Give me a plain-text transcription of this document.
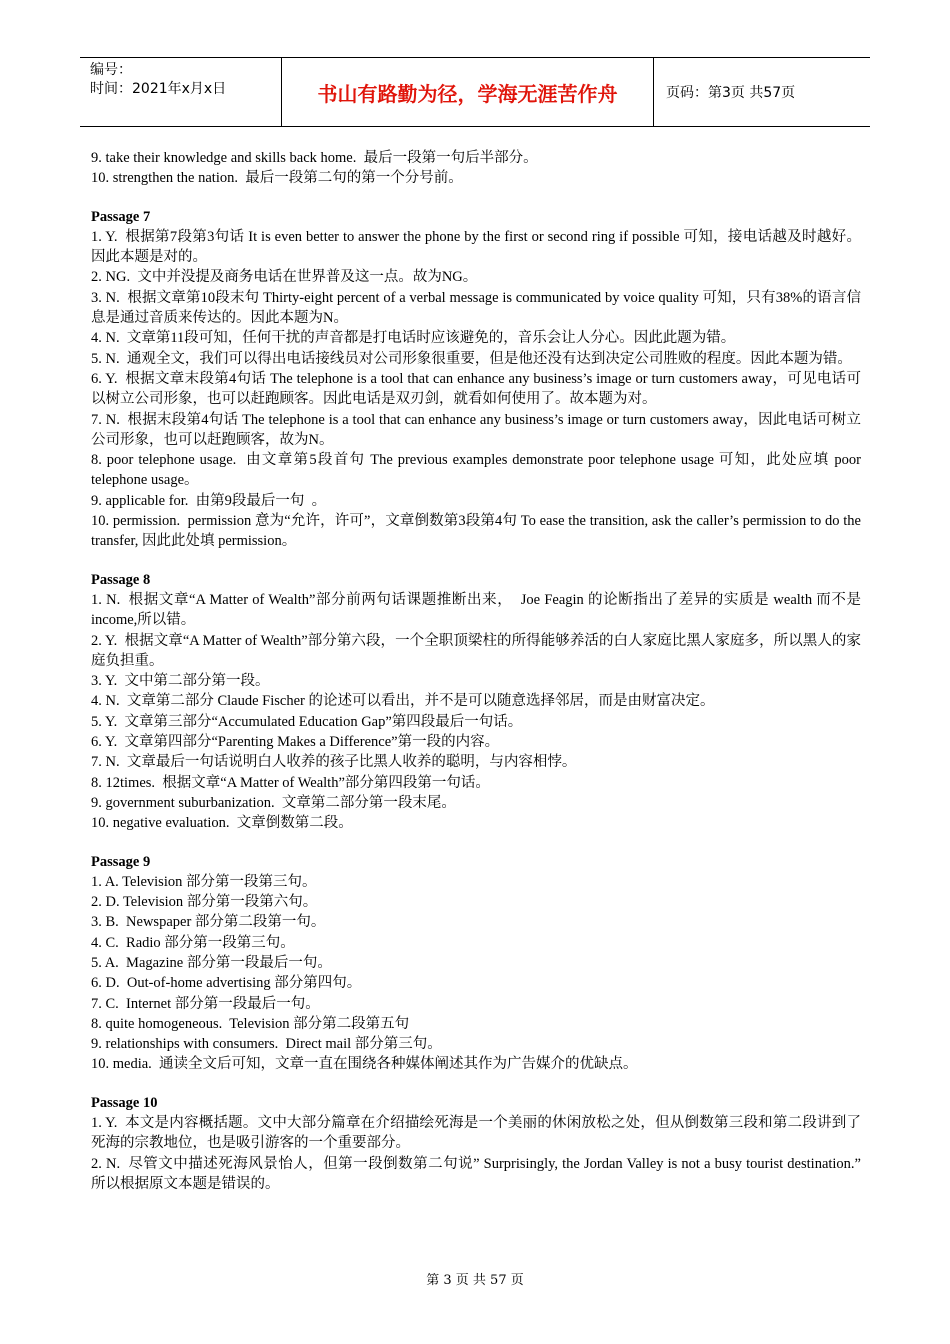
编号：
时间：2021年x月x日	书山有路勤为径，学海无涯苦作舟	页码：第3页 共57页
9. take their knowledge and skills back home.  最后一段第一句后半部分。
10. strengthen the nation.  最后一段第二句的第一个分号前。
Passage 7
1. Y.  根据第7段第3句话 It is even better to answer the phone by the first or second ring if possible 可知，接电话越及时越好。因此本题是对的。
2. NG.  文中并没提及商务电话在世界普及这一点。故为NG。
3. N.  根据文章第10段末句 Thirty-eight percent of a verbal message is communicated by voice quality 可知，只有38%的语言信息是通过音质来传达的。因此本题为N。
4. N.  文章第11段可知，任何干扰的声音都是打电话时应该避免的，音乐会让人分心。因此此题为错。
5. N.  通观全文，我们可以得出电话接线员对公司形象很重要，但是他还没有达到决定公司胜败的程度。因此本题为错。
6. Y.  根据文章末段第4句话 The telephone is a tool that can enhance any business’s image or turn customers away，可见电话可以树立公司形象，也可以赶跑顾客。因此电话是双刃剑，就看如何使用了。故本题为对。
7. N.  根据末段第4句话 The telephone is a tool that can enhance any business’s image or turn customers away，因此电话可树立公司形象，也可以赶跑顾客，故为N。
8. poor telephone usage.  由文章第5段首句 The previous examples demonstrate poor telephone usage 可知，此处应填 poor telephone usage。
9. applicable for.  由第9段最后一句  。
10. permission.  permission 意为“允许，许可”，文章倒数第3段第4句 To ease the transition, ask the caller’s permission to do the transfer, 因此此处填 permission。
Passage 8
1. N.  根据文章“A Matter of Wealth”部分前两句话课题推断出来，  Joe Feagin 的论断指出了差异的实质是 wealth 而不是 income,所以错。
2. Y.  根据文章“A Matter of Wealth”部分第六段，一个全职顶梁柱的所得能够养活的白人家庭比黑人家庭多，所以黑人的家庭负担重。
3. Y.  文中第二部分第一段。
4. N.  文章第二部分 Claude Fischer 的论述可以看出，并不是可以随意选择邻居，而是由财富决定。
5. Y.  文章第三部分“Accumulated Education Gap”第四段最后一句话。
6. Y.  文章第四部分“Parenting Makes a Difference”第一段的内容。
7. N.  文章最后一句话说明白人收养的孩子比黑人收养的聪明，与内容相悖。
8. 12times.  根据文章“A Matter of Wealth”部分第四段第一句话。
9. government suburbanization.  文章第二部分第一段末尾。
10. negative evaluation.  文章倒数第二段。
Passage 9
1. A. Television 部分第一段第三句。
2. D. Television 部分第一段第六句。
3. B.  Newspaper 部分第二段第一句。
4. C.  Radio 部分第一段第三句。
5. A.  Magazine 部分第一段最后一句。
6. D.  Out-of-home advertising 部分第四句。
7. C.  Internet 部分第一段最后一句。
8. quite homogeneous.  Television 部分第二段第五句
9. relationships with consumers.  Direct mail 部分第三句。
10. media.  通读全文后可知，文章一直在围绕各种媒体阐述其作为广告媒介的优缺点。
Passage 10
1. Y.  本文是内容概括题。文中大部分篇章在介绍描绘死海是一个美丽的休闲放松之处，但从倒数第三段和第二段讲到了死海的宗教地位，也是吸引游客的一个重要部分。
2. N.  尽管文中描述死海风景怡人，但第一段倒数第二句说” Surprisingly, the Jordan Valley is not a busy tourist destination.” 所以根据原文本题是错误的。
第 3 页 共 57 页
